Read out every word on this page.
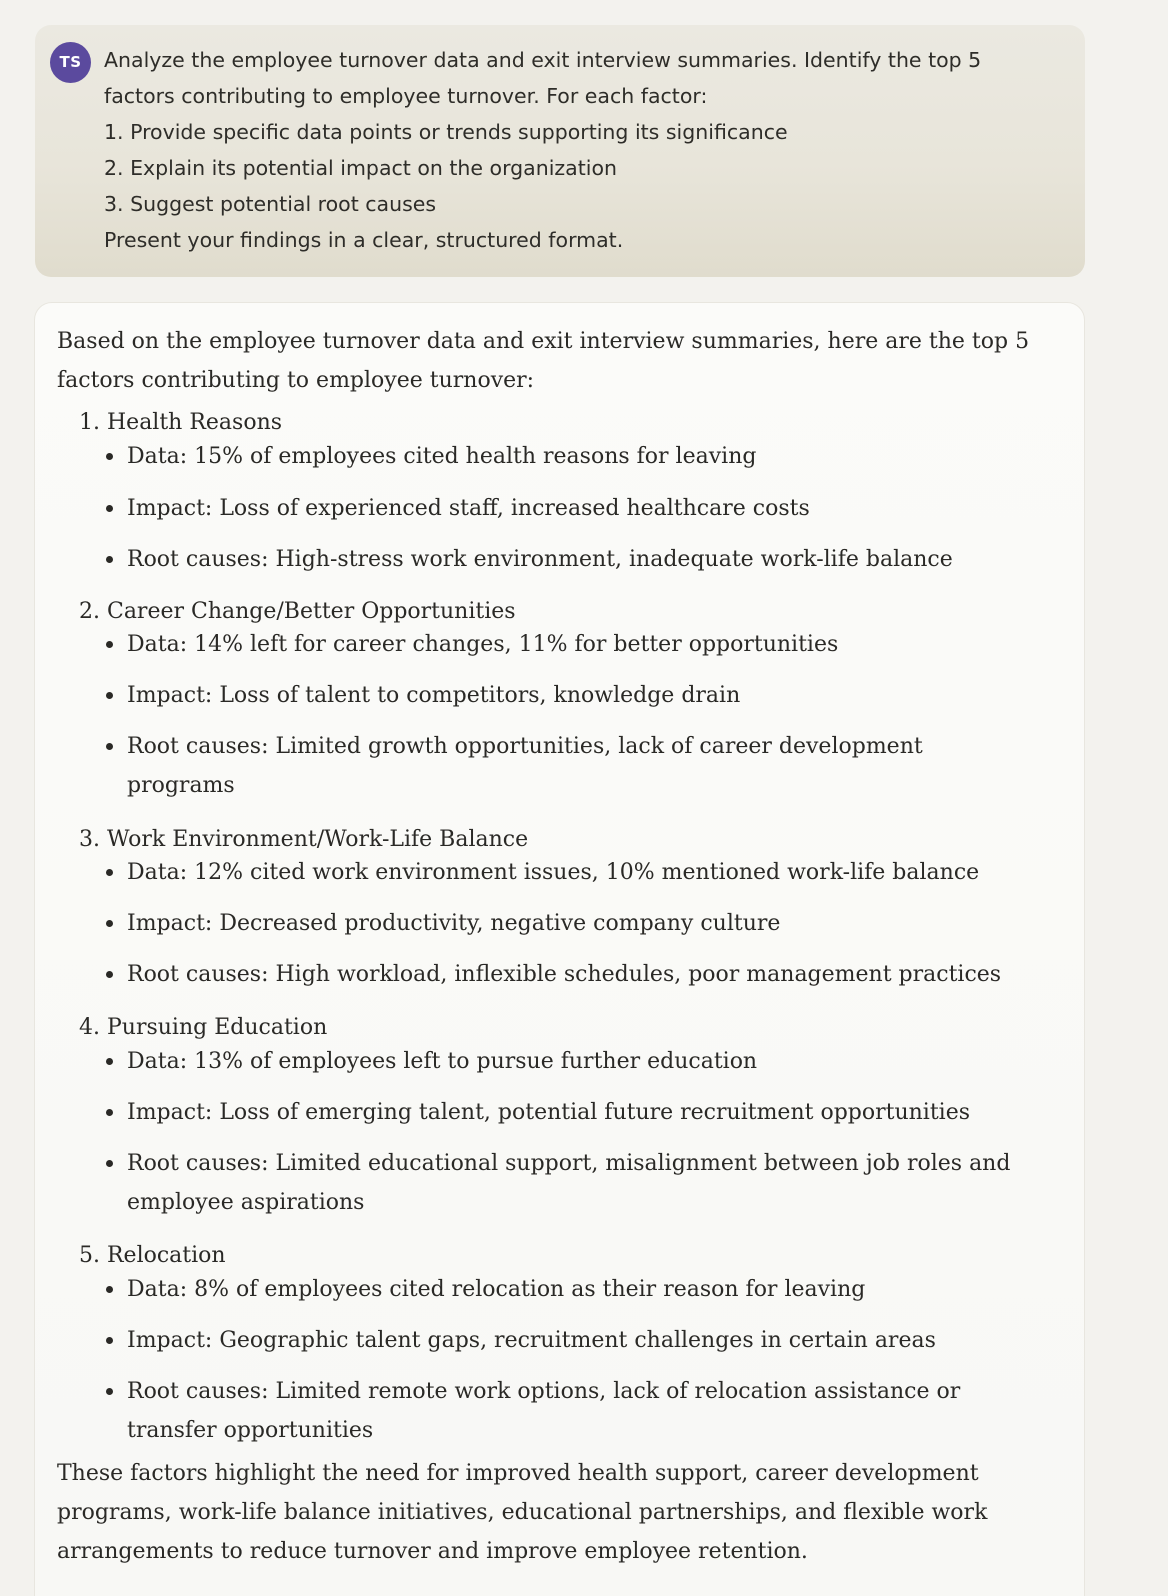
TS	Analyze the employee turnover data and exit interview summaries. Identify the top 5
factors contributing to employee turnover. For each factor:
1. Provide specific data points or trends supporting its significance
2. Explain its potential impact on the organization
3. Suggest potential root causes
Present your findings in a clear, structured format.
Based on the employee turnover data and exit interview summaries, here are the top 5 factors contributing to employee turnover:
1. Health Reasons
Data: 15% of employees cited health reasons for leaving
Impact: Loss of experienced staff, increased healthcare costs
Root causes: High-stress work environment, inadequate work-life balance
2. Career Change/Better Opportunities
Data: 14% left for career changes, 11% for better opportunities
Impact: Loss of talent to competitors, knowledge drain
Root causes: Limited growth opportunities, lack of career development programs
3. Work Environment/Work-Life Balance
Data: 12% cited work environment issues, 10% mentioned work-life balance
Impact: Decreased productivity, negative company culture
Root causes: High workload, inflexible schedules, poor management practices
4. Pursuing Education
Data: 13% of employees left to pursue further education
Impact: Loss of emerging talent, potential future recruitment opportunities
Root causes: Limited educational support, misalignment between job roles and employee aspirations
5. Relocation
Data: 8% of employees cited relocation as their reason for leaving
Impact: Geographic talent gaps, recruitment challenges in certain areas
Root causes: Limited remote work options, lack of relocation assistance or transfer opportunities
These factors highlight the need for improved health support, career development programs, work-life balance initiatives, educational partnerships, and flexible work arrangements to reduce turnover and improve employee retention.
